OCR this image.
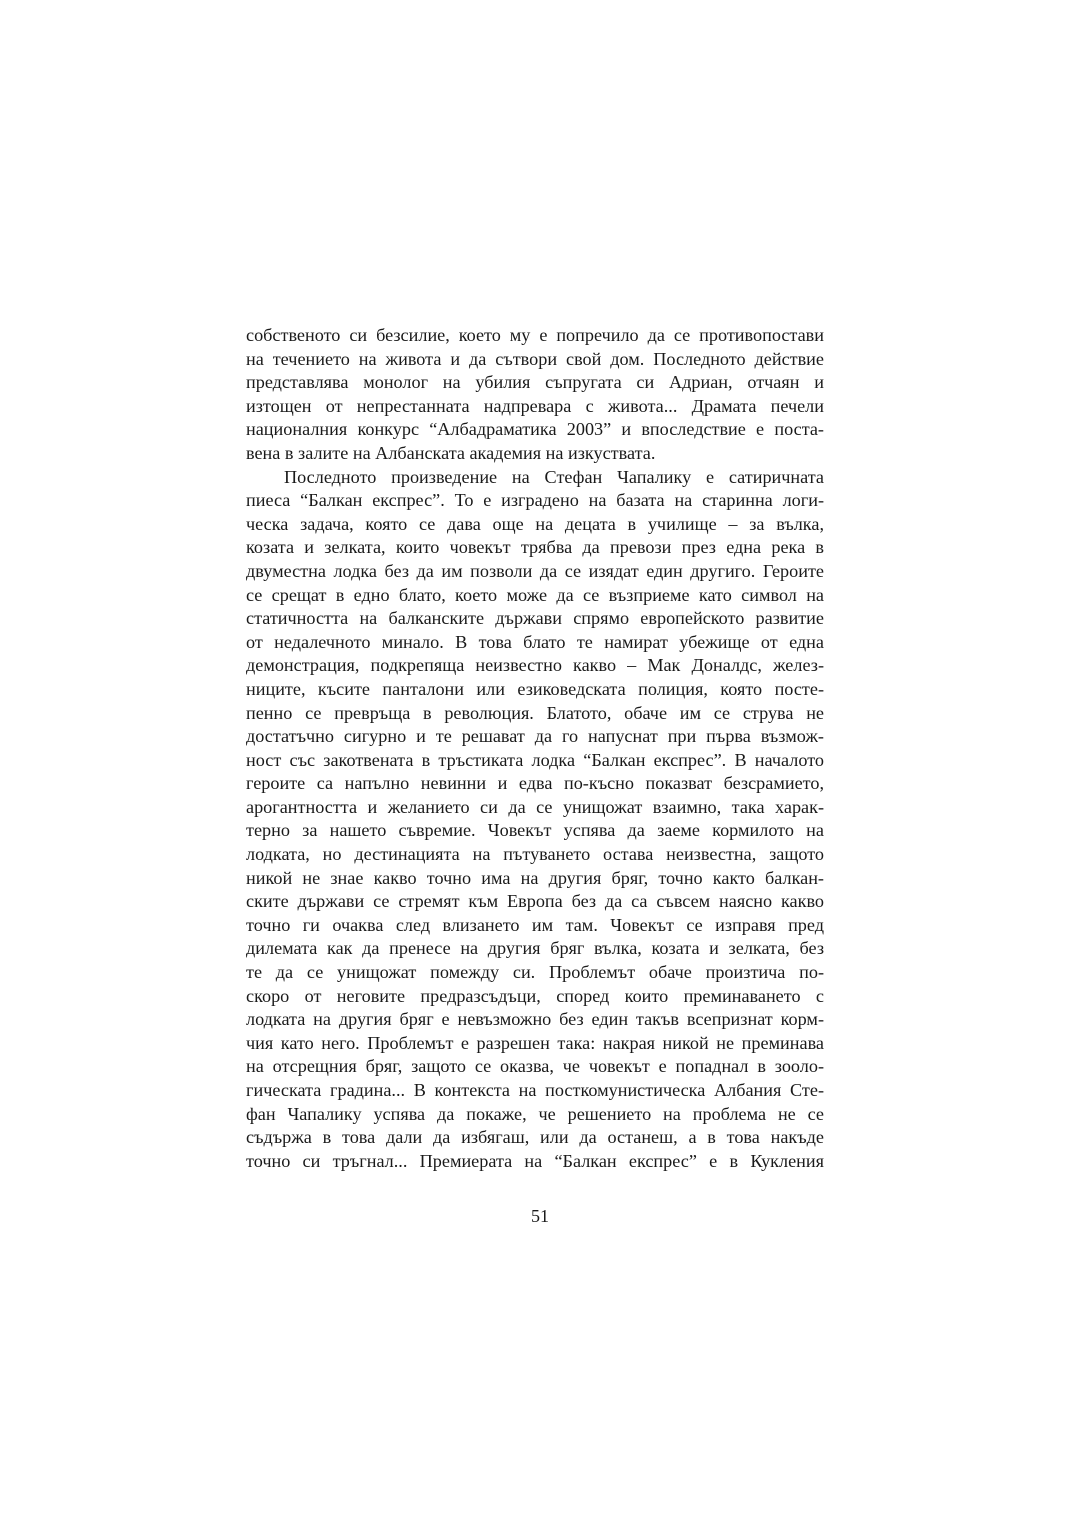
собственото си безсилие, което му е попречило да се противопостави
на течението на живота и да сътвори свой дом. Последното действие
представлява монолог на убилия съпругата си Адриан, отчаян и
изтощен от непрестанната надпревара с живота... Драмата печели
националния конкурс “Албадраматика 2003” и впоследствие е поста-
вена в залите на Албанската академия на изкуствата.
Последното произведение на Стефан Чапалику е сатиричната
пиеса “Балкан експрес”. То е изградено на базата на старинна логи-
ческа задача, която се дава още на децата в училище – за вълка,
козата и зелката, които човекът трябва да превози през една река в
двуместна лодка без да им позволи да се изядат един другиго. Героите
се срещат в едно блато, което може да се възприеме като символ на
статичността на балканските държави спрямо европейското развитие
от недалечното минало. В това блато те намират убежище от една
демонстрация, подкрепяща неизвестно какво – Мак Доналдс, желез-
ниците, късите панталони или езиковедската полиция, която посте-
пенно се превръща в революция. Блатото, обаче им се струва не
достатъчно сигурно и те решават да го напуснат при първа възмож-
ност със закотвената в тръстиката лодка “Балкан експрес”. В началото
героите са напълно невинни и едва по-късно показват безсрамието,
арогантността и желанието си да се унищожат взаимно, така харак-
терно за нашето съвремие. Човекът успява да заеме кормилото на
лодката, но дестинацията на пътуването остава неизвестна, защото
никой не знае какво точно има на другия бряг, точно както балкан-
ските държави се стремят към Европа без да са съвсем наясно какво
точно ги очаква след влизането им там. Човекът се изправя пред
дилемата как да пренесе на другия бряг вълка, козата и зелката, без
те да се унищожат помежду си. Проблемът обаче произтича по-
скоро от неговите предразсъдъци, според които преминаването с
лодката на другия бряг е невъзможно без един такъв всепризнат корм-
чия като него. Проблемът е разрешен така: накрая никой не преминава
на отсрещния бряг, защото се оказва, че човекът е попаднал в зооло-
гическата градина... В контекста на посткомунистическа Албания Сте-
фан Чапалику успява да покаже, че решението на проблема не се
съдържа в това дали да избягаш, или да останеш, а в това накъде
точно си тръгнал... Премиерата на “Балкан експрес” е в Кукления
51
